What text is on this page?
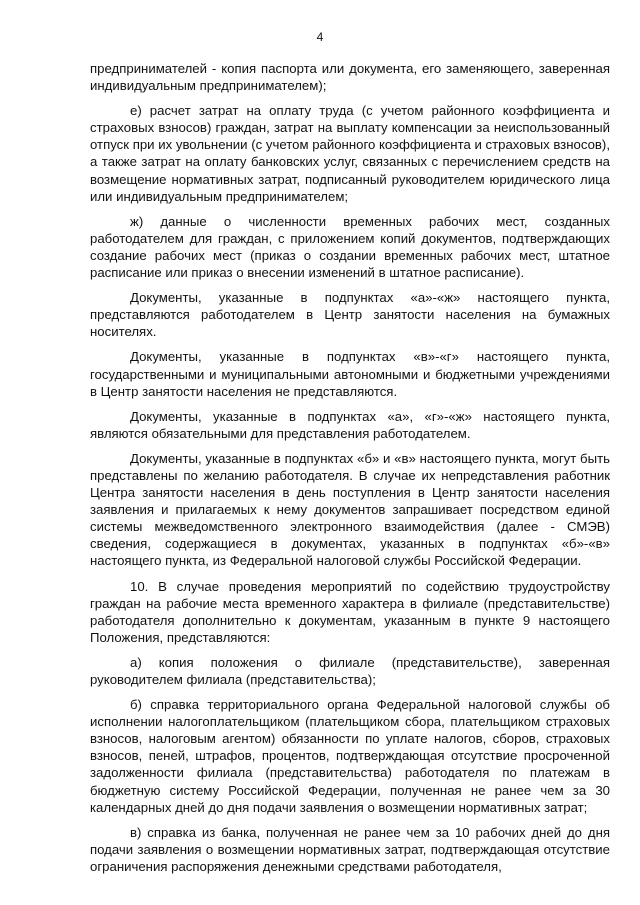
4

предпринимателей - копия паспорта или документа, его заменяющего, заверенная индивидуальным предпринимателем);

е) расчет затрат на оплату труда (с учетом районного коэффициента и страховых взносов) граждан, затрат на выплату компенсации за неиспользованный отпуск при их увольнении (с учетом районного коэффициента и страховых взносов), а также затрат на оплату банковских услуг, связанных с перечислением средств на возмещение нормативных затрат, подписанный руководителем юридического лица или индивидуальным предпринимателем;

ж) данные о численности временных рабочих мест, созданных работодателем для граждан, с приложением копий документов, подтверждающих создание рабочих мест (приказ о создании временных рабочих мест, штатное расписание или приказ о внесении изменений в штатное расписание).

Документы, указанные в подпунктах «а»-«ж» настоящего пункта, представляются работодателем в Центр занятости населения на бумажных носителях.

Документы, указанные в подпунктах «в»-«г» настоящего пункта, государственными и муниципальными автономными и бюджетными учреждениями в Центр занятости населения не представляются.

Документы, указанные в подпунктах «а», «г»-«ж» настоящего пункта, являются обязательными для представления работодателем.

Документы, указанные в подпунктах «б» и «в» настоящего пункта, могут быть представлены по желанию работодателя. В случае их непредставления работник Центра занятости населения в день поступления в Центр занятости населения заявления и прилагаемых к нему документов запрашивает посредством единой системы межведомственного электронного взаимодействия (далее - СМЭВ) сведения, содержащиеся в документах, указанных в подпунктах «б»-«в» настоящего пункта, из Федеральной налоговой службы Российской Федерации.

10. В случае проведения мероприятий по содействию трудоустройству граждан на рабочие места временного характера в филиале (представительстве) работодателя дополнительно к документам, указанным в пункте 9 настоящего Положения, представляются:

а) копия положения о филиале (представительстве), заверенная руководителем филиала (представительства);

б) справка территориального органа Федеральной налоговой службы об исполнении налогоплательщиком (плательщиком сбора, плательщиком страховых взносов, налоговым агентом) обязанности по уплате налогов, сборов, страховых взносов, пеней, штрафов, процентов, подтверждающая отсутствие просроченной задолженности филиала (представительства) работодателя по платежам в бюджетную систему Российской Федерации, полученная не ранее чем за 30 календарных дней до дня подачи заявления о возмещении нормативных затрат;

в) справка из банка, полученная не ранее чем за 10 рабочих дней до дня подачи заявления о возмещении нормативных затрат, подтверждающая отсутствие ограничения распоряжения денежными средствами работодателя,
